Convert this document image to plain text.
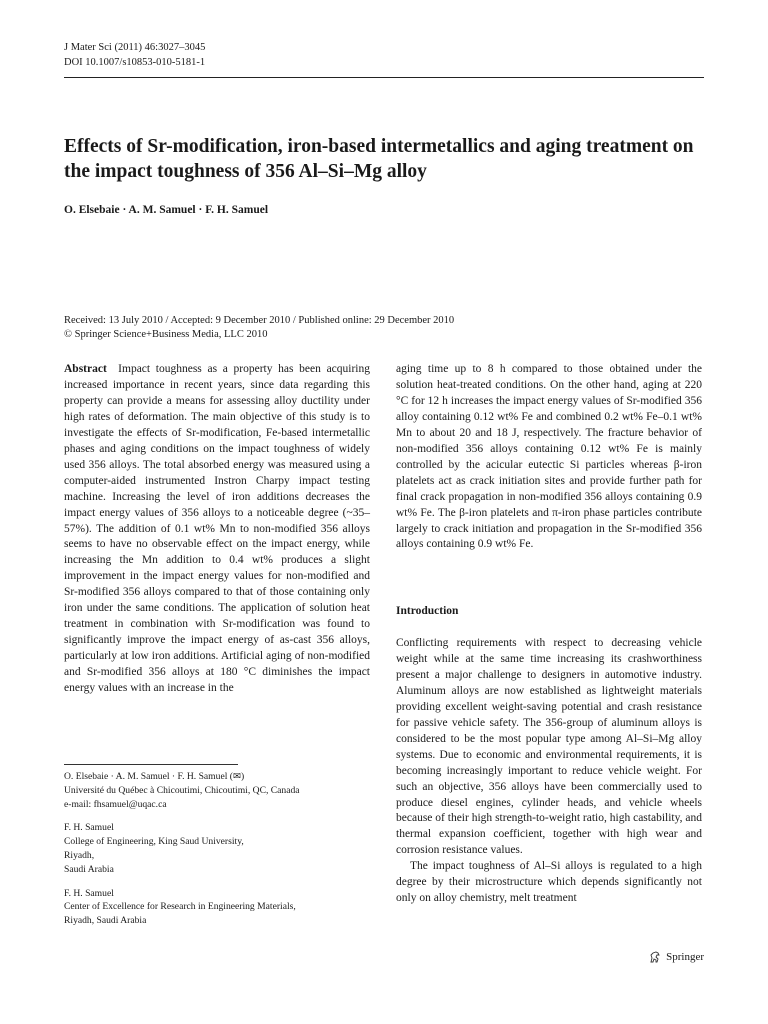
J Mater Sci (2011) 46:3027–3045
DOI 10.1007/s10853-010-5181-1
Effects of Sr-modification, iron-based intermetallics and aging treatment on the impact toughness of 356 Al–Si–Mg alloy
O. Elsebaie · A. M. Samuel · F. H. Samuel
Received: 13 July 2010 / Accepted: 9 December 2010 / Published online: 29 December 2010
© Springer Science+Business Media, LLC 2010

Abstract Impact toughness as a property has been acquiring increased importance in recent years, since data regarding this property can provide a means for assessing alloy ductility under high rates of deformation. The main objective of this study is to investigate the effects of Sr-modification, Fe-based intermetallic phases and aging conditions on the impact toughness of widely used 356 alloys. The total absorbed energy was measured using a computer-aided instrumented Instron Charpy impact testing machine. Increasing the level of iron additions decreases the impact energy values of 356 alloys to a noticeable degree (~35–57%). The addition of 0.1 wt% Mn to non-modified 356 alloys seems to have no observable effect on the impact energy, while increasing the Mn addition to 0.4 wt% produces a slight improvement in the impact energy values for non-modified and Sr-modified 356 alloys compared to that of those containing only iron under the same conditions. The application of solution heat treatment in combination with Sr-modification was found to significantly improve the impact energy of as-cast 356 alloys, particularly at low iron additions. Artificial aging of non-modified and Sr-modified 356 alloys at 180 °C diminishes the impact energy values with an increase in the

aging time up to 8 h compared to those obtained under the solution heat-treated conditions. On the other hand, aging at 220 °C for 12 h increases the impact energy values of Sr-modified 356 alloy containing 0.12 wt% Fe and combined 0.2 wt% Fe–0.1 wt% Mn to about 20 and 18 J, respectively. The fracture behavior of non-modified 356 alloys containing 0.12 wt% Fe is mainly controlled by the acicular eutectic Si particles whereas β-iron platelets act as crack initiation sites and provide further path for final crack propagation in non-modified 356 alloys containing 0.9 wt% Fe. The β-iron platelets and π-iron phase particles contribute largely to crack initiation and propagation in the Sr-modified 356 alloys containing 0.9 wt% Fe.

O. Elsebaie · A. M. Samuel · F. H. Samuel (✉)
Université du Québec à Chicoutimi, Chicoutimi, QC, Canada
e-mail: fhsamuel@uqac.ca
F. H. Samuel
College of Engineering, King Saud University,
Riyadh,
Saudi Arabia
F. H. Samuel
Center of Excellence for Research in Engineering Materials,
Riyadh, Saudi Arabia
Introduction

Conflicting requirements with respect to decreasing vehicle weight while at the same time increasing its crashworthiness present a major challenge to designers in automotive industry. Aluminum alloys are now established as lightweight materials providing excellent weight-saving potential and crash resistance for passive vehicle safety. The 356-group of aluminum alloys is considered to be the most popular type among Al–Si–Mg alloy systems. Due to economic and environmental requirements, it is becoming increasingly important to reduce vehicle weight. For such an objective, 356 alloys have been commercially used to produce diesel engines, cylinder heads, and vehicle wheels because of their high strength-to-weight ratio, high castability, and thermal expansion coefficient, together with high wear and corrosion resistance values.

The impact toughness of Al–Si alloys is regulated to a high degree by their microstructure which depends significantly not only on alloy chemistry, melt treatment

Springer
